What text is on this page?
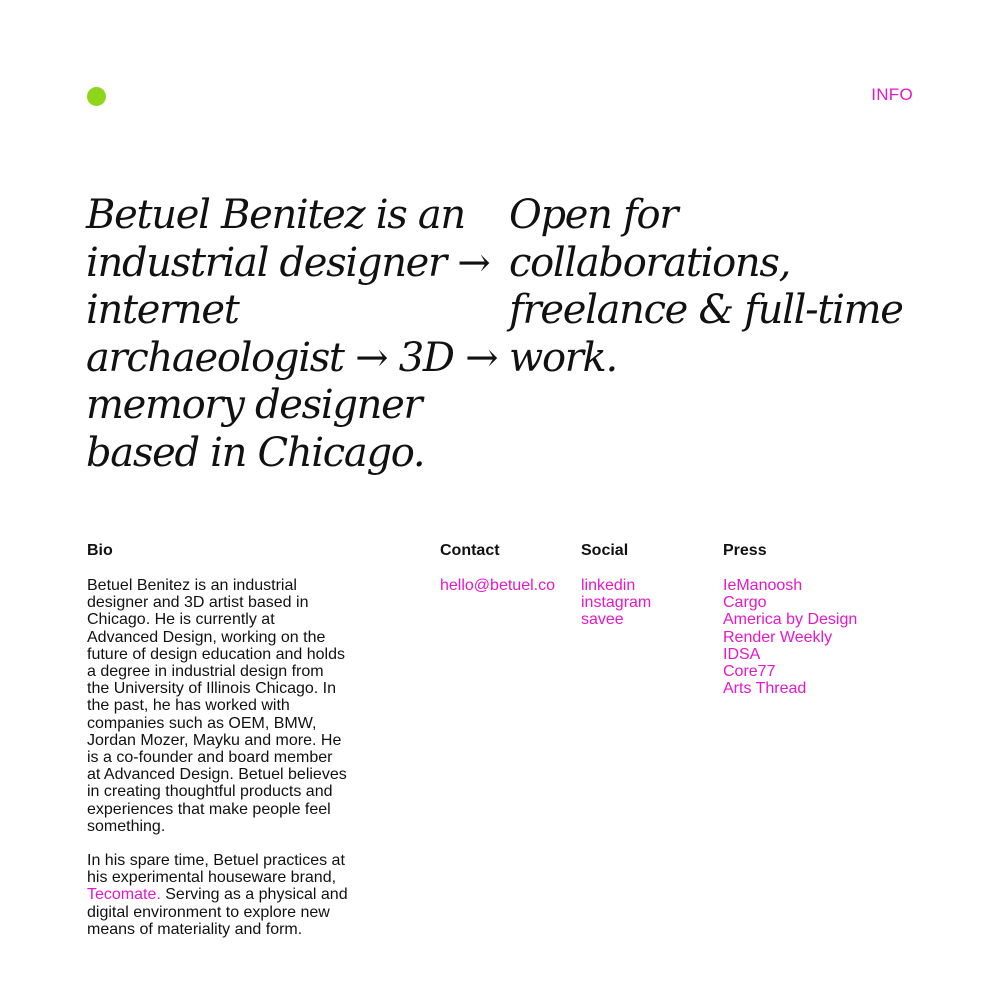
INFO
Betuel Benitez is an industrial designer → internet archaeologist → 3D → memory designer based in Chicago.
Open for collaborations, freelance & full-time work.
Bio

Betuel Benitez is an industrial designer and 3D artist based in Chicago. He is currently at Advanced Design, working on the future of design education and holds a degree in industrial design from the University of Illinois Chicago. In the past, he has worked with companies such as OEM, BMW, Jordan Mozer, Mayku and more. He is a co-founder and board member at Advanced Design. Betuel believes in creating thoughtful products and experiences that make people feel something.

In his spare time, Betuel practices at his experimental houseware brand, Tecomate. Serving as a physical and digital environment to explore new means of materiality and form.

Contact
hello@betuel.co
Social
linkedin
instagram
savee
Press
IeManoosh
Cargo
America by Design
Render Weekly
IDSA
Core77
Arts Thread
